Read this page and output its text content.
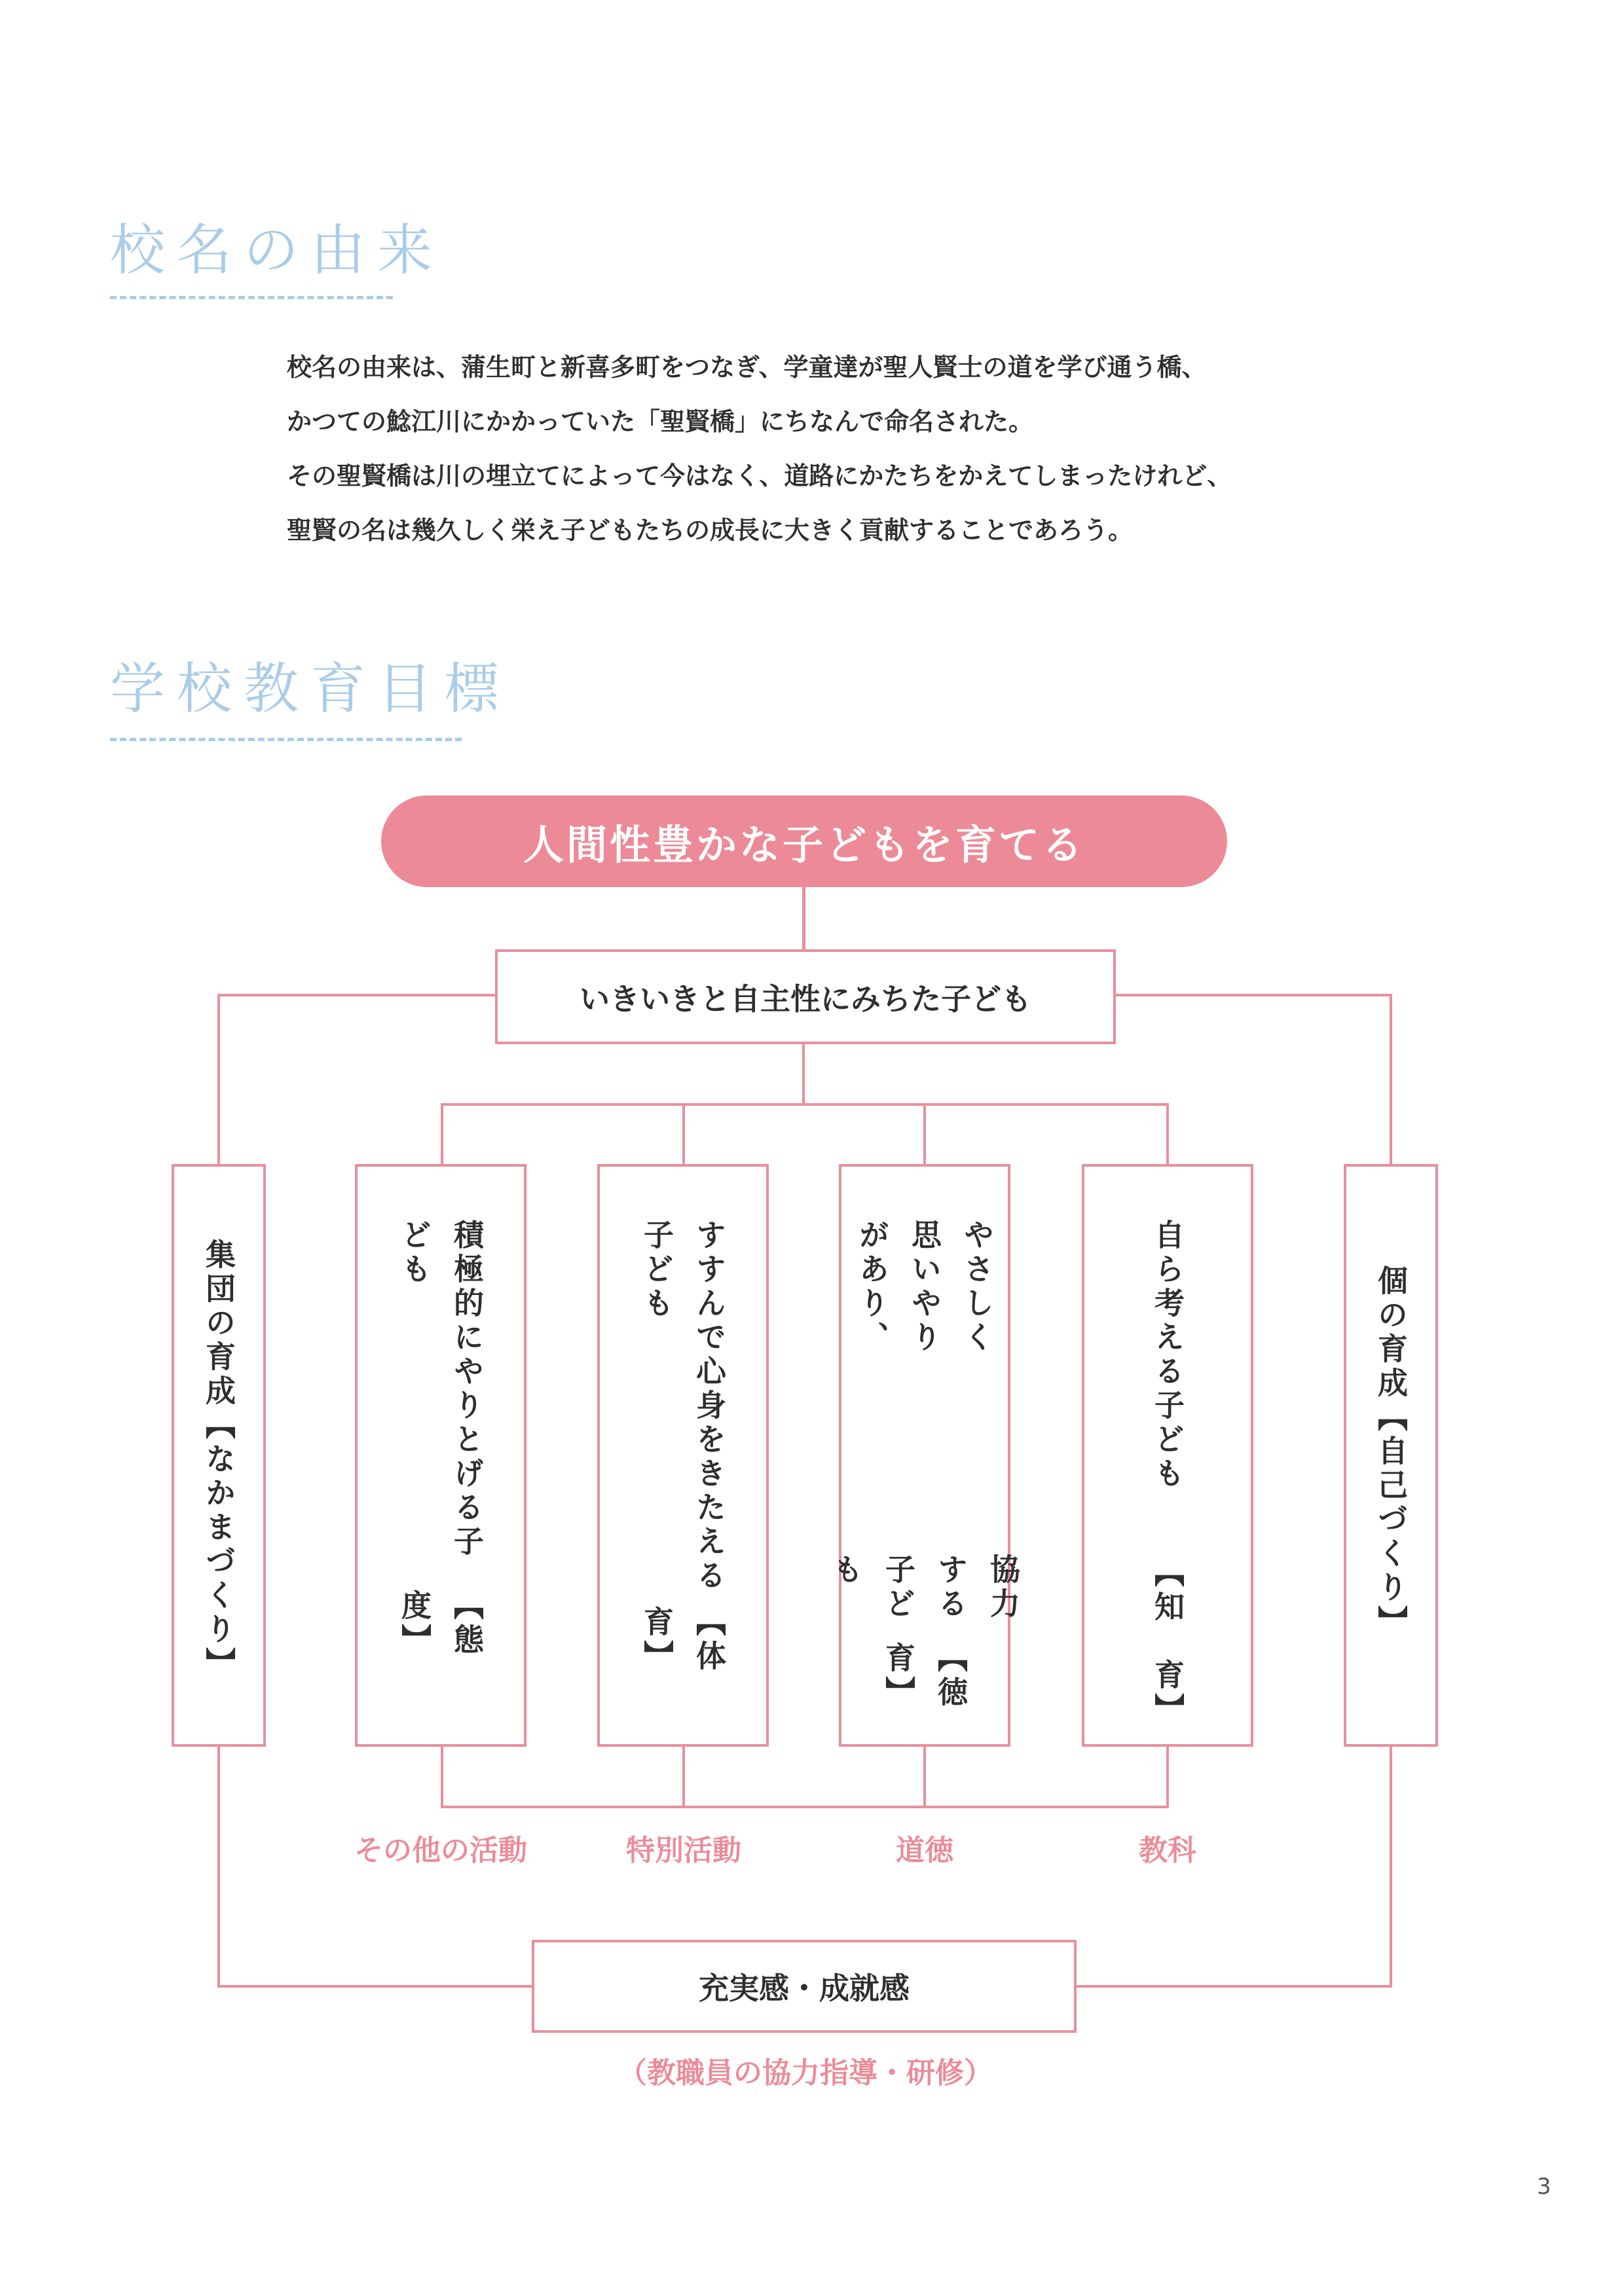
校名の由来
校名の由来は、蒲生町と新喜多町をつなぎ、学童達が聖人賢士の道を学び通う橋、
かつての鯰江川にかかっていた「聖賢橋」にちなんで命名された。
その聖賢橋は川の埋立てによって今はなく、道路にかたちをかえてしまったけれど、
聖賢の名は幾久しく栄え子どもたちの成長に大きく貢献することであろう。
学校教育目標
人間性豊かな子どもを育てる
いきいきと自主性にみちた子ども
集団の育成
【なかまづくり】
個の育成
【自己づくり】
積極的にやりとげる子ども
【態　度】
すすんで心身をきたえる子ども
【体　育】
やさしく思いやりがあり、
協力する子ども
【徳　育】
自ら考える子ども
【知　育】
その他の活動	特別活動	道徳	教科
充実感・成就感
（教職員の協力指導・研修）
3
